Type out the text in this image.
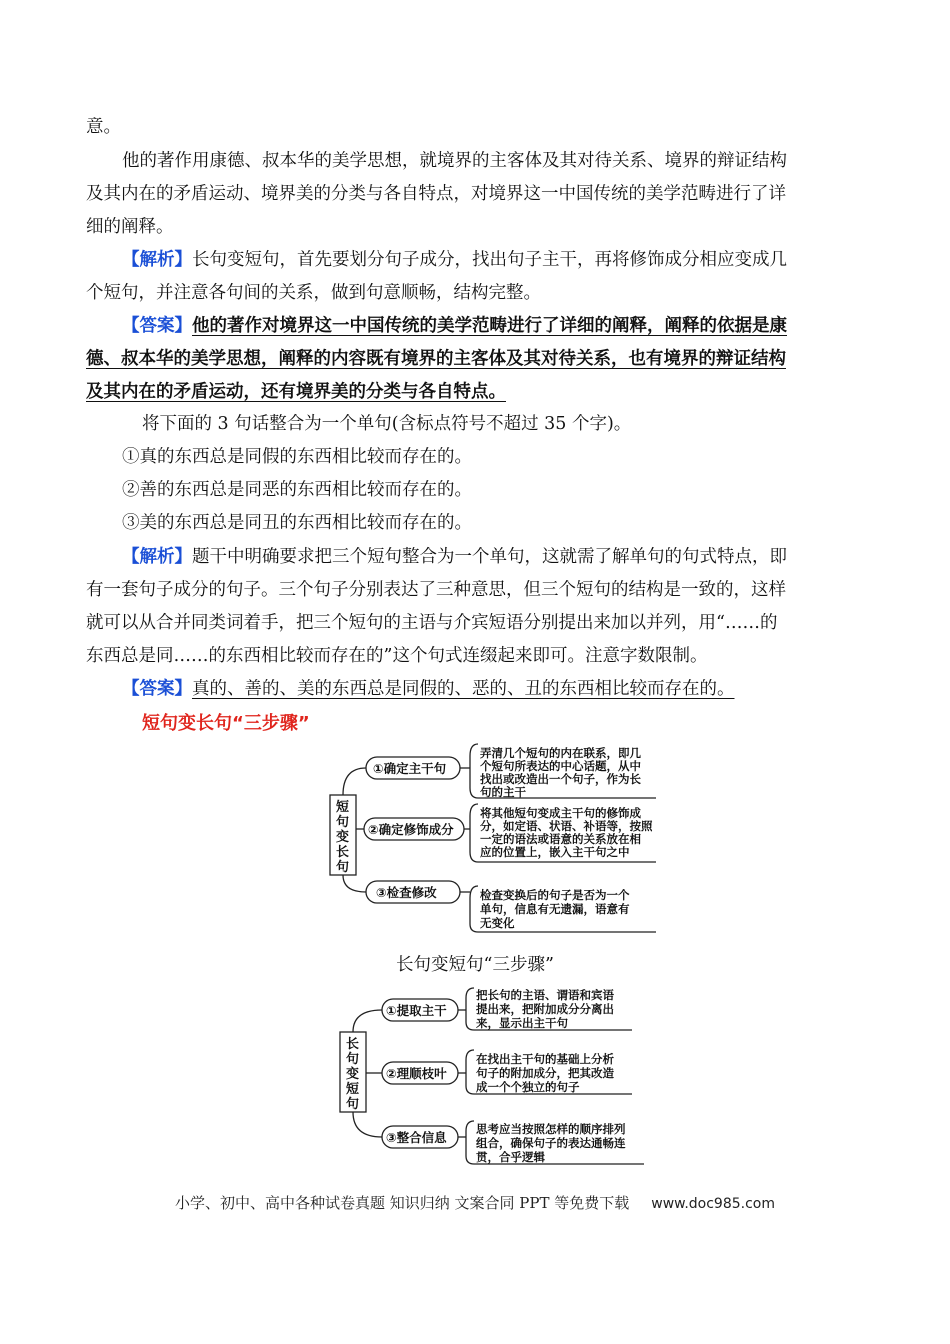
意。
他的著作用康德、叔本华的美学思想，就境界的主客体及其对待关系、境界的辩证结构
及其内在的矛盾运动、境界美的分类与各自特点，对境界这一中国传统的美学范畴进行了详
细的阐释。
【解析】长句变短句，首先要划分句子成分，找出句子主干，再将修饰成分相应变成几
个短句，并注意各句间的关系，做到句意顺畅，结构完整。
【答案】他的著作对境界这一中国传统的美学范畴进行了详细的阐释，阐释的依据是康
德、叔本华的美学思想，阐释的内容既有境界的主客体及其对待关系，也有境界的辩证结构
及其内在的矛盾运动，还有境界美的分类与各自特点。
将下面的 3 句话整合为一个单句(含标点符号不超过 35 个字)。
①真的东西总是同假的东西相比较而存在的。
②善的东西总是同恶的东西相比较而存在的。
③美的东西总是同丑的东西相比较而存在的。
【解析】题干中明确要求把三个短句整合为一个单句，这就需了解单句的句式特点，即
有一套句子成分的句子。三个句子分别表达了三种意思，但三个短句的结构是一致的，这样
就可以从合并同类词着手，把三个短句的主语与介宾短语分别提出来加以并列，用“……的
东西总是同……的东西相比较而存在的”这个句式连缀起来即可。注意字数限制。
【答案】真的、善的、美的东西总是同假的、恶的、丑的东西相比较而存在的。
短句变长句“三步骤”
短
句
变
长
句
①确定主干句
②确定修饰成分
③检查修改
弄清几个短句的内在联系，即几
个短句所表达的中心话题，从中
找出或改造出一个句子，作为长
句的主干
将其他短句变成主干句的修饰成
分，如定语、状语、补语等，按照
一定的语法或语意的关系放在相
应的位置上，嵌入主干句之中
检查变换后的句子是否为一个
单句，信息有无遗漏，语意有
无变化
长
句
变
短
句
①提取主干
②理顺枝叶
③整合信息
把长句的主语、谓语和宾语
提出来，把附加成分分离出
来，显示出主干句
在找出主干句的基础上分析
句子的附加成分，把其改造
成一个个独立的句子
思考应当按照怎样的顺序排列
组合，确保句子的表达通畅连
贯，合乎逻辑
长句变短句“三步骤”
小学、初中、高中各种试卷真题 知识归纳 文案合同 PPT 等免费下载 www.doc985.com
